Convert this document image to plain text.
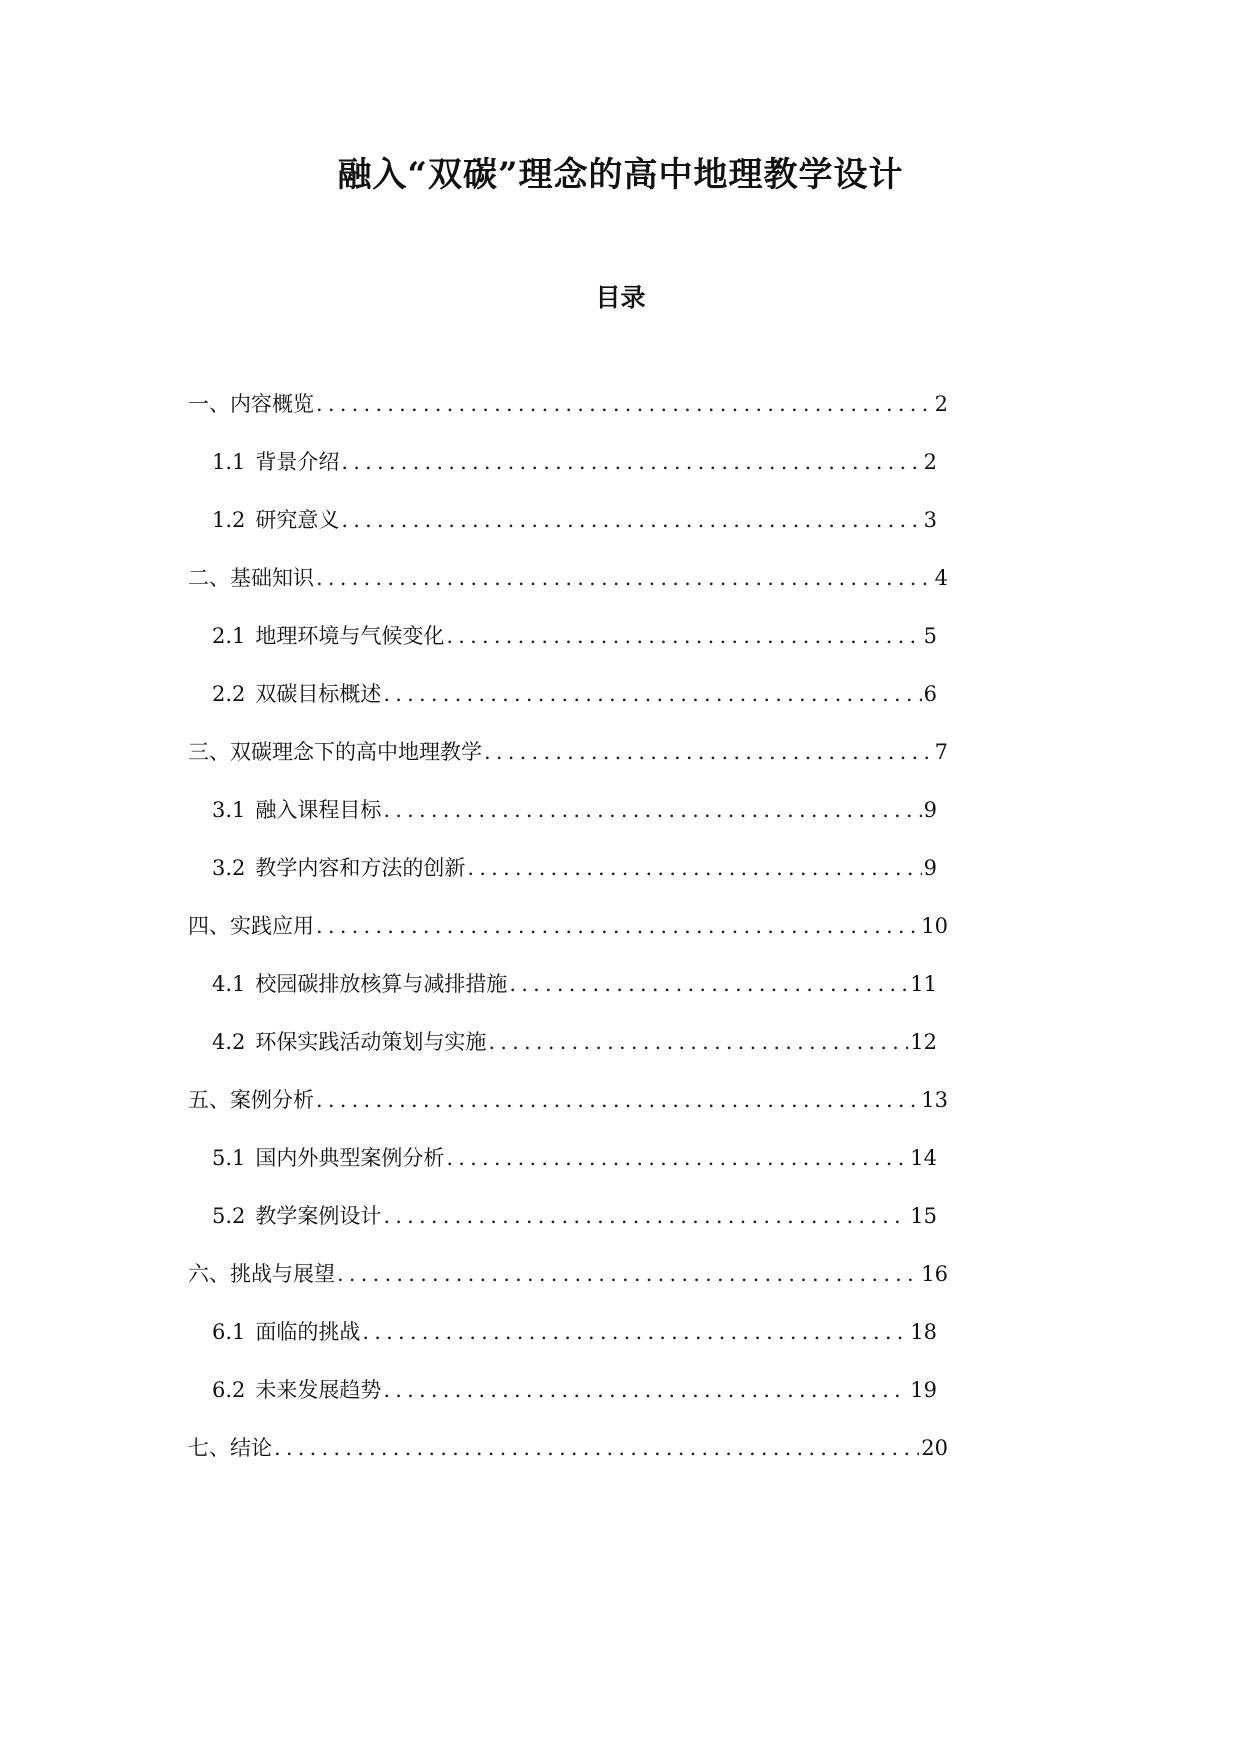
融入“双碳”理念的高中地理教学设计
目录
一、内容概览 .....	2
1.1 背景介绍 .....	2
1.2 研究意义 .....	3
二、基础知识 .....	4
2.1 地理环境与气候变化 .....	5
2.2 双碳目标概述 .....	6
三、双碳理念下的高中地理教学 .....	7
3.1 融入课程目标 .....	9
3.2 教学内容和方法的创新 .....	9
四、实践应用 .....	10
4.1 校园碳排放核算与减排措施 .....	11
4.2 环保实践活动策划与实施 .....	12
五、案例分析 .....	13
5.1 国内外典型案例分析 .....	14
5.2 教学案例设计 .....	15
六、挑战与展望 .....	16
6.1 面临的挑战 .....	18
6.2 未来发展趋势 .....	19
七、结论 .....	20
